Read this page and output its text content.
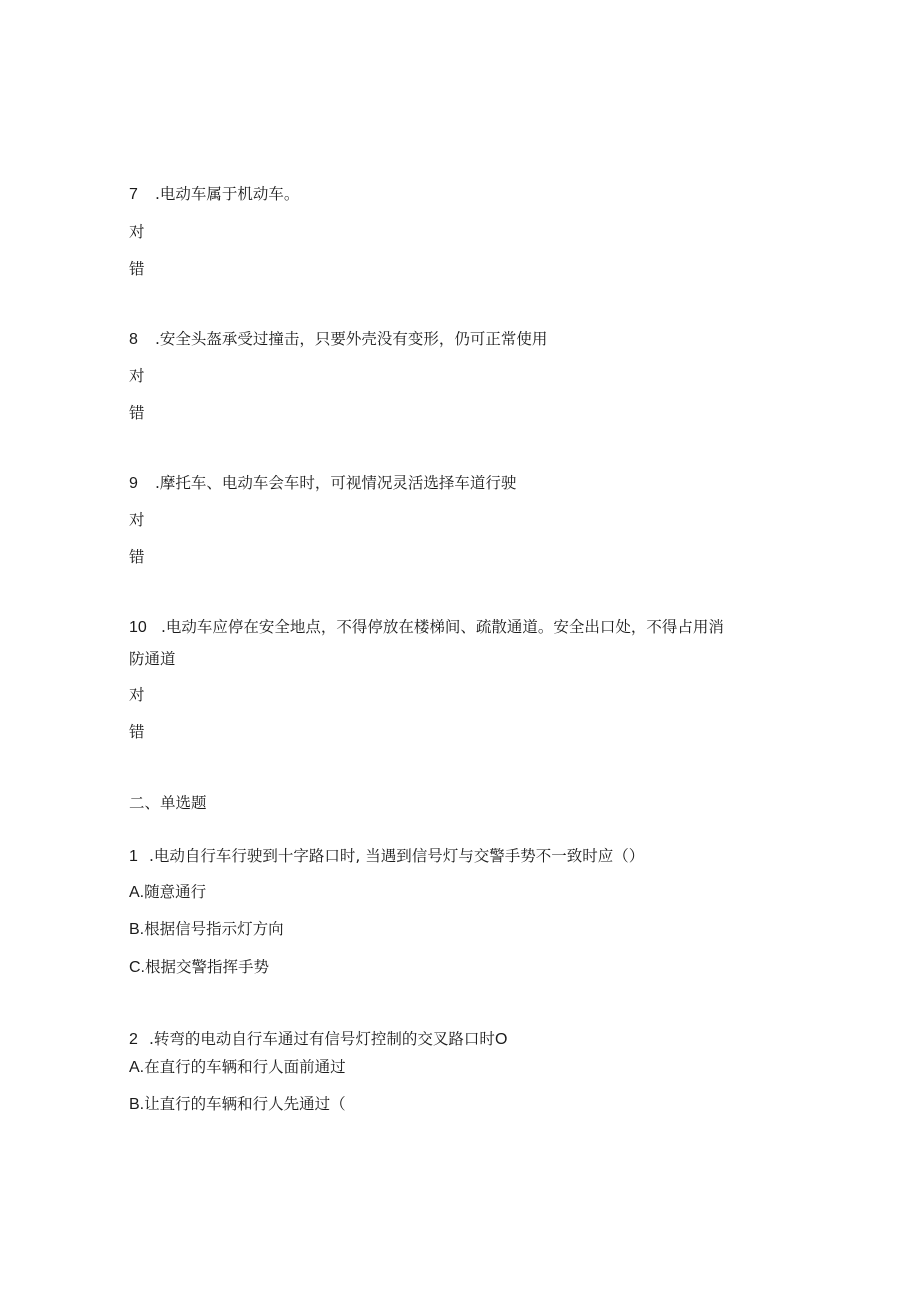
7 .电动车属于机动车。
对
错
8 .安全头盔承受过撞击，只要外壳没有变形，仍可正常使用
对
错
9 .摩托车、电动车会车时，可视情况灵活选择车道行驶
对
错
10 .电动车应停在安全地点，不得停放在楼梯间、疏散通道。安全出口处，不得占用消
防通道
对
错
二、单选题
1 .电动自行车行驶到十字路口时, 当遇到信号灯与交警手势不一致时应（）
A.随意通行
B.根据信号指示灯方向
C.根据交警指挥手势
2 .转弯的电动自行车通过有信号灯控制的交叉路口时O
A.在直行的车辆和行人面前通过
B.让直行的车辆和行人先通过（
